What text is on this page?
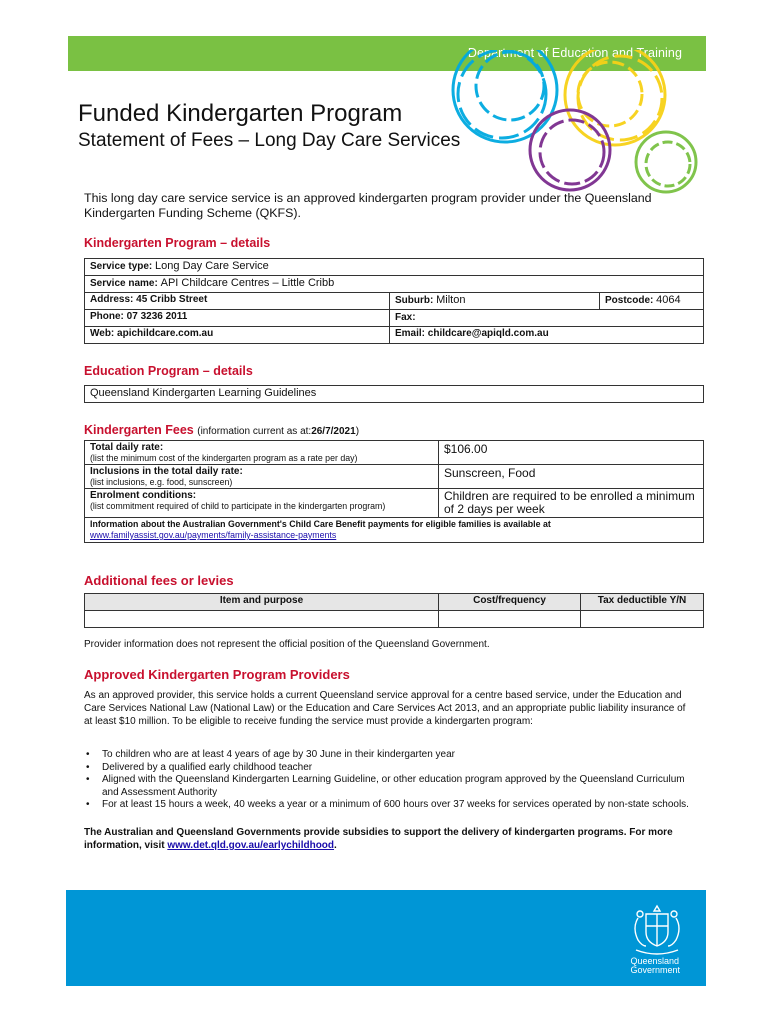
Department of Education and Training
Funded Kindergarten Program
Statement of Fees – Long Day Care Services
This long day care service service is an approved kindergarten program provider under the Queensland Kindergarten Funding Scheme (QKFS).
Kindergarten Program – details
Service type: Long Day Care Service		
Service name: API Childcare Centres – Little Cribb		
Address: 45 Cribb Street	Suburb: Milton	Postcode: 4064
Phone: 07 3236 2011	Fax:	
Web: apichildcare.com.au	Email: childcare@apiqld.com.au	
Education Program – details
Queensland Kindergarten Learning Guidelines
Kindergarten Fees (information current as at:26/7/2021)
Total daily rate:
(list the minimum cost of the kindergarten program as a rate per day)	$106.00
Inclusions in the total daily rate:
(list inclusions, e.g. food, sunscreen)	Sunscreen, Food
Enrolment conditions:
(list commitment required of child to participate in the kindergarten program)	Children are required to be enrolled a minimum of 2 days per week
Information about the Australian Government's Child Care Benefit payments for eligible families is available at
www.familyassist.gov.au/payments/family-assistance-payments	
Additional fees or levies
Item and purpose	Cost/frequency	Tax deductible Y/N

Provider information does not represent the official position of the Queensland Government.
Approved Kindergarten Program Providers
As an approved provider, this service holds a current Queensland service approval for a centre based service, under the Education and Care Services National Law (National Law) or the Education and Care Services Act 2013, and an appropriate public liability insurance of at least $10 million. To be eligible to receive funding the service must provide a kindergarten program:
• To children who are at least 4 years of age by 30 June in their kindergarten year
• Delivered by a qualified early childhood teacher
• Aligned with the Queensland Kindergarten Learning Guideline, or other education program approved by the Queensland Curriculum and Assessment Authority
• For at least 15 hours a week, 40 weeks a year or a minimum of 600 hours over 37 weeks for services operated by non-state schools.
The Australian and Queensland Governments provide subsidies to support the delivery of kindergarten programs. For more information, visit www.det.qld.gov.au/earlychildhood.
Queensland
Government
